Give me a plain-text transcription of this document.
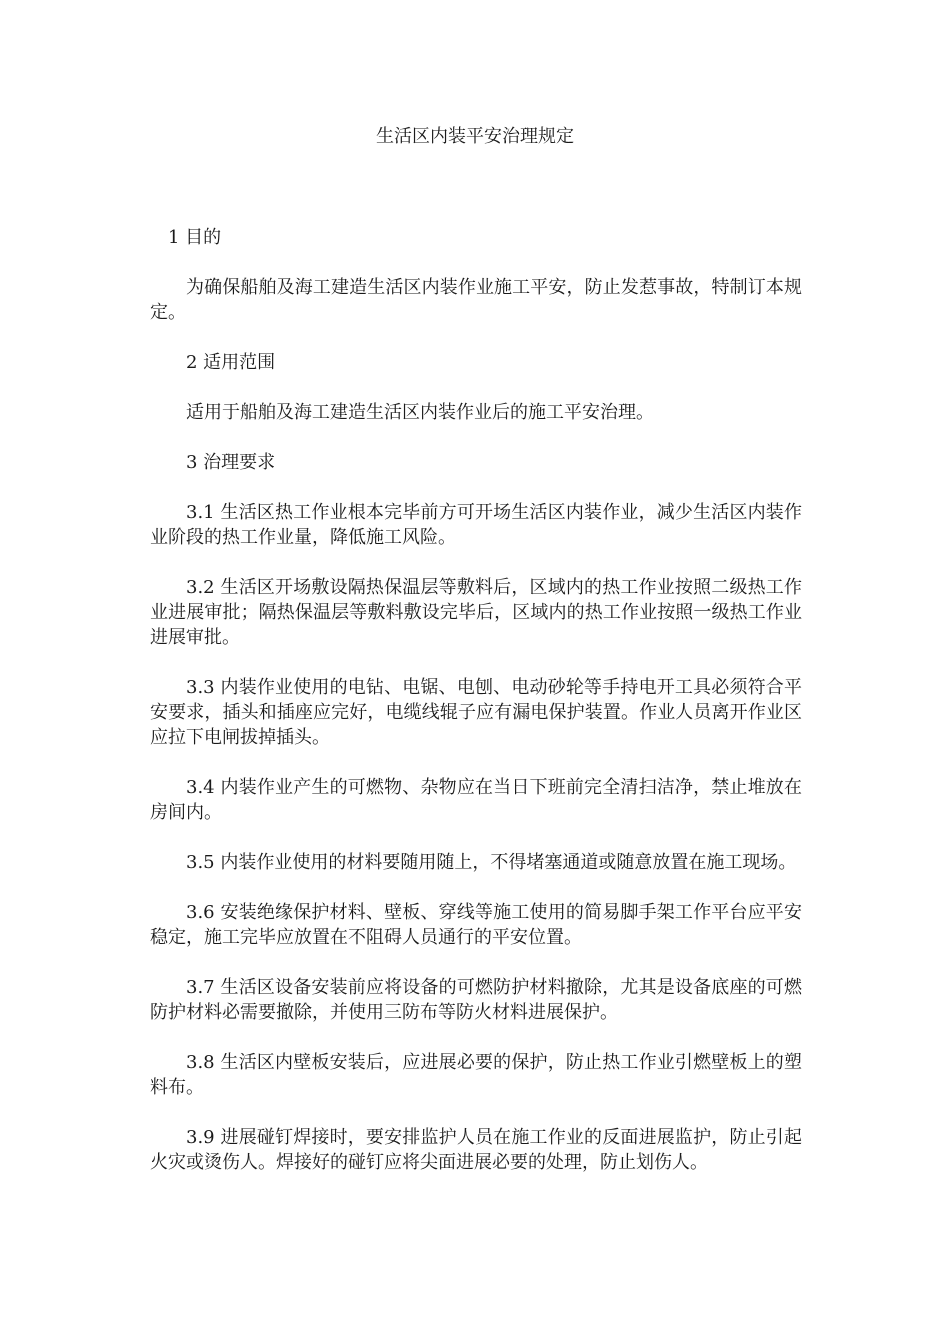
生活区内装平安治理规定

1 目的

为确保船舶及海工建造生活区内装作业施工平安，防止发惹事故，特制订本规定。

2 适用范围

适用于船舶及海工建造生活区内装作业后的施工平安治理。

3 治理要求

3.1 生活区热工作业根本完毕前方可开场生活区内装作业，减少生活区内装作业阶段的热工作业量，降低施工风险。

3.2 生活区开场敷设隔热保温层等敷料后，区域内的热工作业按照二级热工作业进展审批；隔热保温层等敷料敷设完毕后，区域内的热工作业按照一级热工作业进展审批。

3.3 内装作业使用的电钻、电锯、电刨、电动砂轮等手持电开工具必须符合平安要求，插头和插座应完好，电缆线辊子应有漏电保护装置。作业人员离开作业区应拉下电闸拔掉插头。

3.4 内装作业产生的可燃物、杂物应在当日下班前完全清扫洁净，禁止堆放在房间内。

3.5 内装作业使用的材料要随用随上，不得堵塞通道或随意放置在施工现场。

3.6 安装绝缘保护材料、壁板、穿线等施工使用的简易脚手架工作平台应平安稳定，施工完毕应放置在不阻碍人员通行的平安位置。

3.7 生活区设备安装前应将设备的可燃防护材料撤除，尤其是设备底座的可燃防护材料必需要撤除，并使用三防布等防火材料进展保护。

3.8 生活区内壁板安装后，应进展必要的保护，防止热工作业引燃壁板上的塑料布。

3.9 进展碰钉焊接时，要安排监护人员在施工作业的反面进展监护，防止引起火灾或烫伤人。焊接好的碰钉应将尖面进展必要的处理，防止划伤人。
